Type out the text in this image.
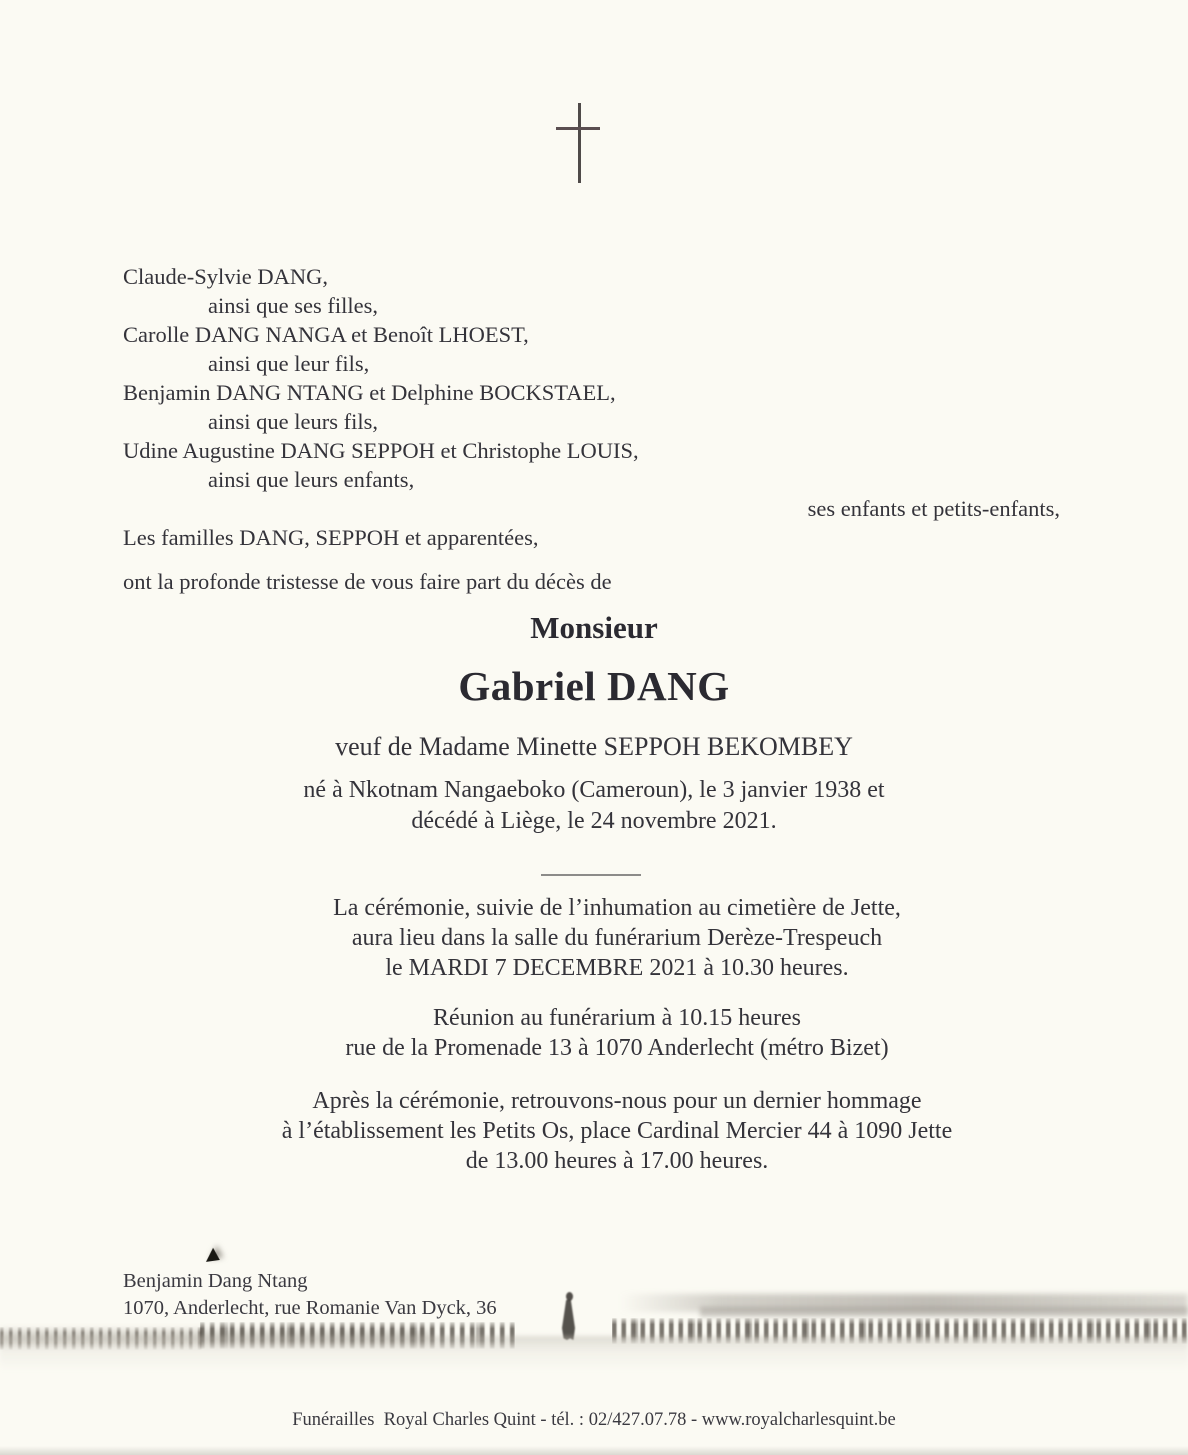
Claude-Sylvie DANG,
ainsi que ses filles,
Carolle DANG NANGA et Benoît LHOEST,
ainsi que leur fils,
Benjamin DANG NTANG et Delphine BOCKSTAEL,
ainsi que leurs fils,
Udine Augustine DANG SEPPOH et Christophe LOUIS,
ainsi que leurs enfants,
ses enfants et petits-enfants,
Les familles DANG, SEPPOH et apparentées,
ont la profonde tristesse de vous faire part du décès de
Monsieur
Gabriel DANG
veuf de Madame Minette SEPPOH BEKOMBEY
né à Nkotnam Nangaeboko (Cameroun), le 3 janvier 1938 et
décédé à Liège, le 24 novembre 2021.
La cérémonie, suivie de l’inhumation au cimetière de Jette,
aura lieu dans la salle du funérarium Derèze-Trespeuch
le MARDI 7 DECEMBRE 2021 à 10.30 heures.
Réunion au funérarium à 10.15 heures
rue de la Promenade 13 à 1070 Anderlecht (métro Bizet)
Après la cérémonie, retrouvons-nous pour un dernier hommage
à l’établissement les Petits Os, place Cardinal Mercier 44 à 1090 Jette
de 13.00 heures à 17.00 heures.
Benjamin Dang Ntang
1070, Anderlecht, rue Romanie Van Dyck, 36
Funérailles  Royal Charles Quint - tél. : 02/427.07.78 - www.royalcharlesquint.be
